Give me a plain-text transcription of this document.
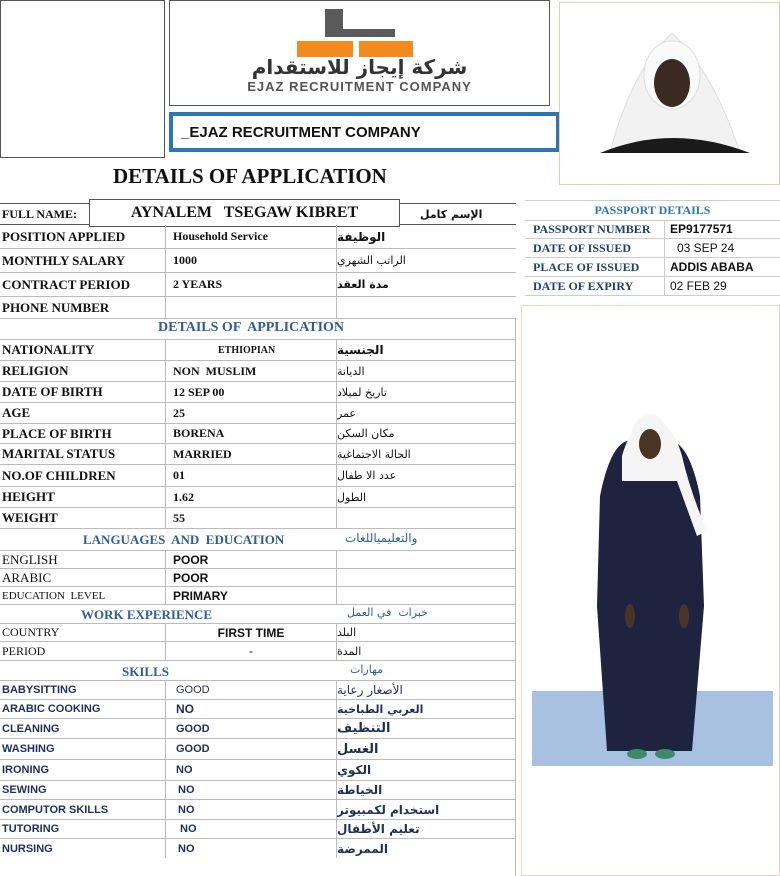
شركة إيجاز للاستقدام
EJAZ RECRUITMENT COMPANY
_EJAZ RECRUITMENT COMPANY
DETAILS OF APPLICATION
FULL NAME:	الإسم كامل
AYNALEM   TSEGAW KIBRET
POSITION APPLIED	Household Service	الوظيفة
MONTHLY SALARY	1000	الراتب الشهري
CONTRACT PERIOD	2 YEARS	مدة العقد
PHONE NUMBER
DETAILS OF  APPLICATION
NATIONALITY	ETHIOPIAN	الجنسية
RELIGION	NON  MUSLIM	الديانة
DATE OF BIRTH	12 SEP 00	تاريخ لميلاد
AGE	25	عمر
PLACE OF BIRTH	BORENA	مكان السكن
MARITAL STATUS	MARRIED	الحالة الاجتماغية
NO.OF CHILDREN	01	عدد الا طفال
HEIGHT	1.62	الطول
WEIGHT	55
LANGUAGES  AND  EDUCATION	والتعليمياللغات
ENGLISH	POOR
ARABIC	POOR
EDUCATION  LEVEL	PRIMARY
WORK EXPERIENCE	خبرات  في العمل
COUNTRY	FIRST TIME	البلد
PERIOD	-	المدة
SKILLS	مهارات
BABYSITTING	GOOD	الأصغار رعاية
ARABIC COOKING	NO	العربي الطباخية
CLEANING	GOOD	التنظيف
WASHING	GOOD	الغسل
IRONING	NO	الكوي
SEWING	NO	الخياطة
COMPUTOR SKILLS	NO	استخدام لكمبيوتر
TUTORING	NO	تعليم الأطفال
NURSING	NO	الممرضة
PASSPORT DETAILS
PASSPORT NUMBER	EP9177571
DATE OF ISSUED	03 SEP 24
PLACE OF ISSUED	ADDIS ABABA
DATE OF EXPIRY	02 FEB 29
